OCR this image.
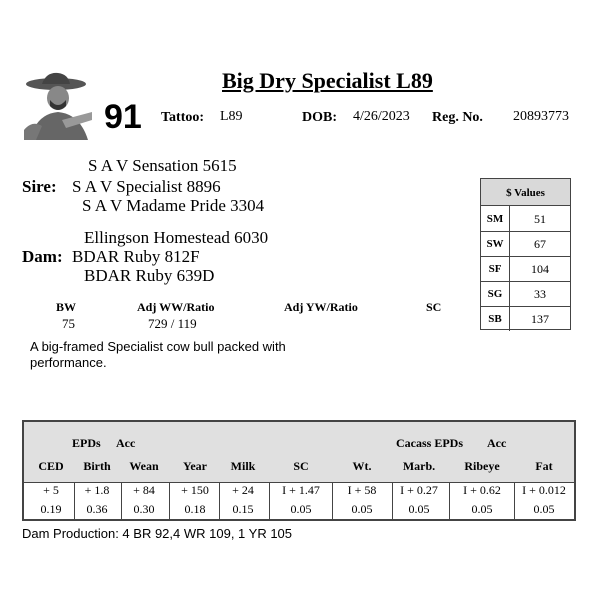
Big Dry Specialist L89
91 Tattoo: L89	DOB: 4/26/2023 Reg. No. 20893773
S A V Sensation 5615
Sire: S A V Specialist 8896
S A V Madame Pride 3304
Ellingson Homestead 6030
Dam: BDAR Ruby 812F
BDAR Ruby 639D
BW	Adj WW/Ratio	Adj YW/Ratio	SC
75	729 / 119
A big-framed Specialist cow bull packed with performance.
$ Values
SM	51
SW	67
SF	104
SG	33
SB	137
EPDs Acc	Cacass EPDs Acc
CED	Birth	Wean	Year	Milk	SC	Wt.	Marb.	Ribeye	Fat
+ 5	+ 1.8	+ 84	+ 150	+ 24	I + 1.47	I + 58	I + 0.27	I + 0.62	I + 0.012
0.19	0.36	0.30	0.18	0.15	0.05	0.05	0.05	0.05	0.05
Dam Production: 4 BR 92,4 WR 109, 1 YR 105
